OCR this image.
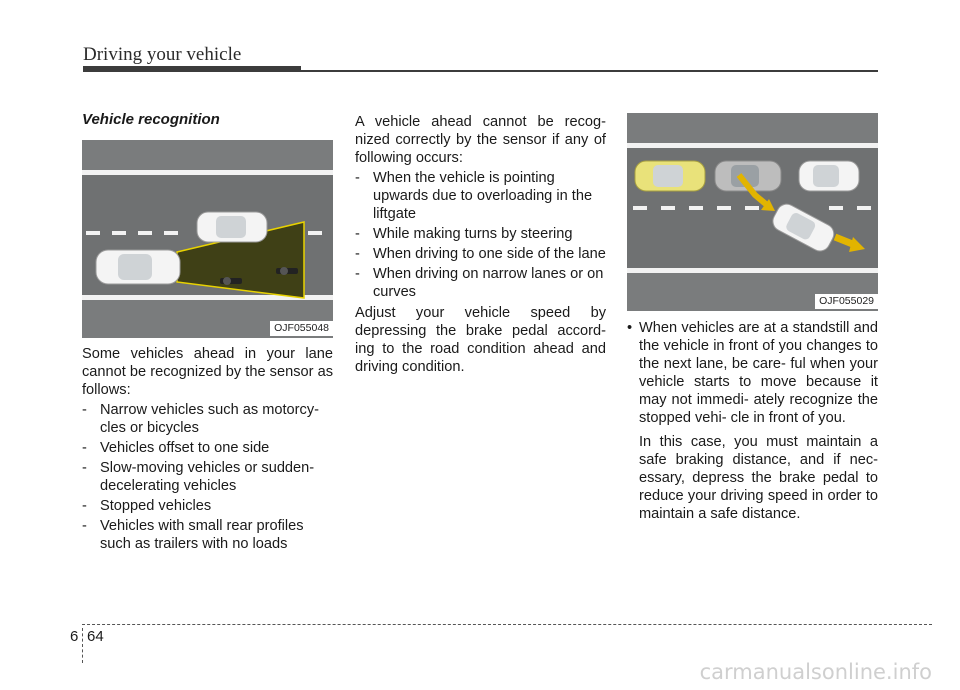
Driving your vehicle
Vehicle recognition
OJF055048

Some vehicles ahead in your lane cannot be recognized by the sensor as follows:

- Narrow vehicles such as motorcy- cles or bicycles
- Vehicles offset to one side
- Slow-moving vehicles or sudden- decelerating vehicles
- Stopped vehicles
- Vehicles with small rear profiles such as trailers with no loads

A vehicle ahead cannot be recog- nized correctly by the sensor if any of following occurs:

- When the vehicle is pointing upwards due to overloading in the liftgate
- While making turns by steering
- When driving to one side of the lane
- When driving on narrow lanes or on curves

Adjust your vehicle speed by depressing the brake pedal accord- ing to the road condition ahead and driving condition.

OJF055029
• When vehicles are at a standstill and the vehicle in front of you changes to the next lane, be care- ful when your vehicle starts to move because it may not immedi- ately recognize the stopped vehi- cle in front of you.

In this case, you must maintain a safe braking distance, and if nec- essary, depress the brake pedal to reduce your driving speed in order to maintain a safe distance.

6 64
carmanualsonline.info
